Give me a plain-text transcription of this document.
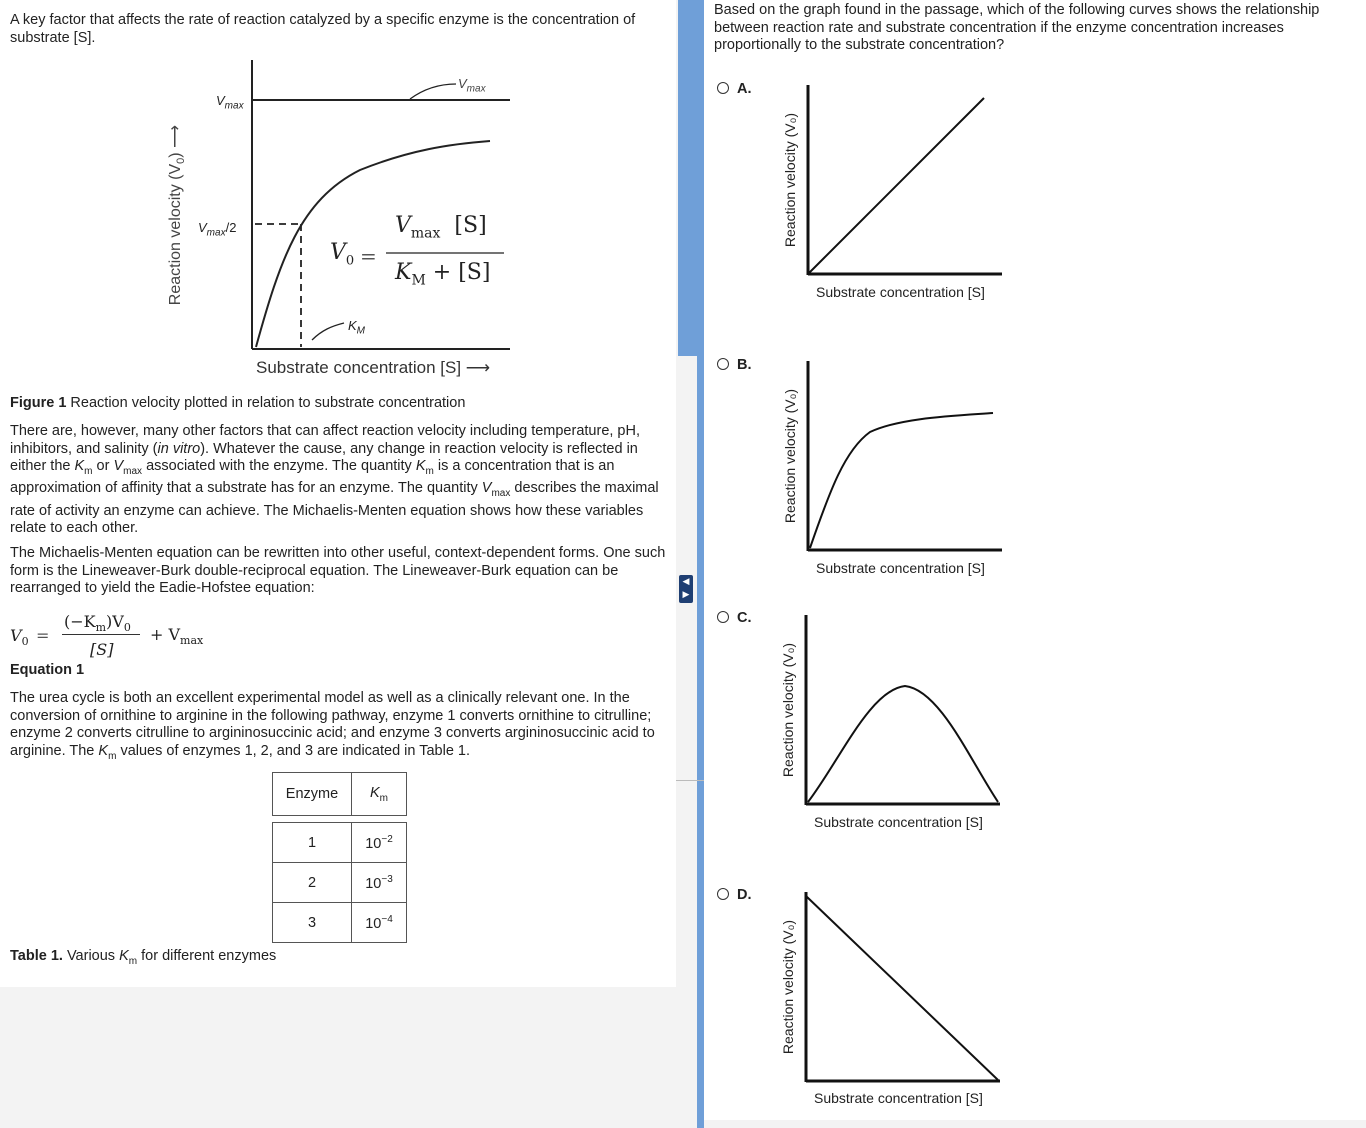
◀
▶

A key factor that affects the rate of reaction catalyzed by a specific enzyme is the concentration of substrate [S].

$V_{max}$
$V_{max}$
$V_{max}/2$
$K_M$
$V_0$ =
$V_{max}$ [S]
$K_M + [S]$
Reaction velocity $(V_0)$ ⟶
Substrate concentration [S] ⟶

Figure 1 Reaction velocity plotted in relation to substrate concentration

There are, however, many other factors that can affect reaction velocity including temperature, pH, inhibitors, and salinity (in vitro). Whatever the cause, any change in reaction velocity is reflected in either the $K_m$ or $V_{max}$ associated with the enzyme. The quantity $K_m$ is a concentration that is an approximation of affinity that a substrate has for an enzyme. The quantity $V_{max}$ describes the maximal rate of activity an enzyme can achieve. The Michaelis-Menten equation shows how these variables relate to each other.

The Michaelis-Menten equation can be rewritten into other useful, context-dependent forms. One such form is the Lineweaver-Burk double-reciprocal equation. The Lineweaver-Burk equation can be rearranged to yield the Eadie-Hofstee equation:

$V_0$ =
$(-K_m)V_0$
[S]
+ $V_{max}$

Equation 1

The urea cycle is both an excellent experimental model as well as a clinically relevant one. In the conversion of ornithine to arginine in the following pathway, enzyme 1 converts ornithine to citrulline; enzyme 2 converts citrulline to argininosuccinic acid; and enzyme 3 converts argininosuccinic acid to arginine. The $K_m$ values of enzymes 1, 2, and 3 are indicated in Table 1.

Enzyme	$K_m$

1	$10^{-2}$
2	$10^{-3}$
3	$10^{-4}$

Table 1. Various $K_m$ for different enzymes

Based on the graph found in the passage, which of the following curves shows the relationship between reaction rate and substrate concentration if the enzyme concentration increases proportionally to the substrate concentration?

A.
Reaction velocity (V₀)
Substrate concentration [S]
B.
Reaction velocity (V₀)
Substrate concentration [S]
C.
Reaction velocity (V₀)
Substrate concentration [S]
D.
Reaction velocity (V₀)
Substrate concentration [S]
